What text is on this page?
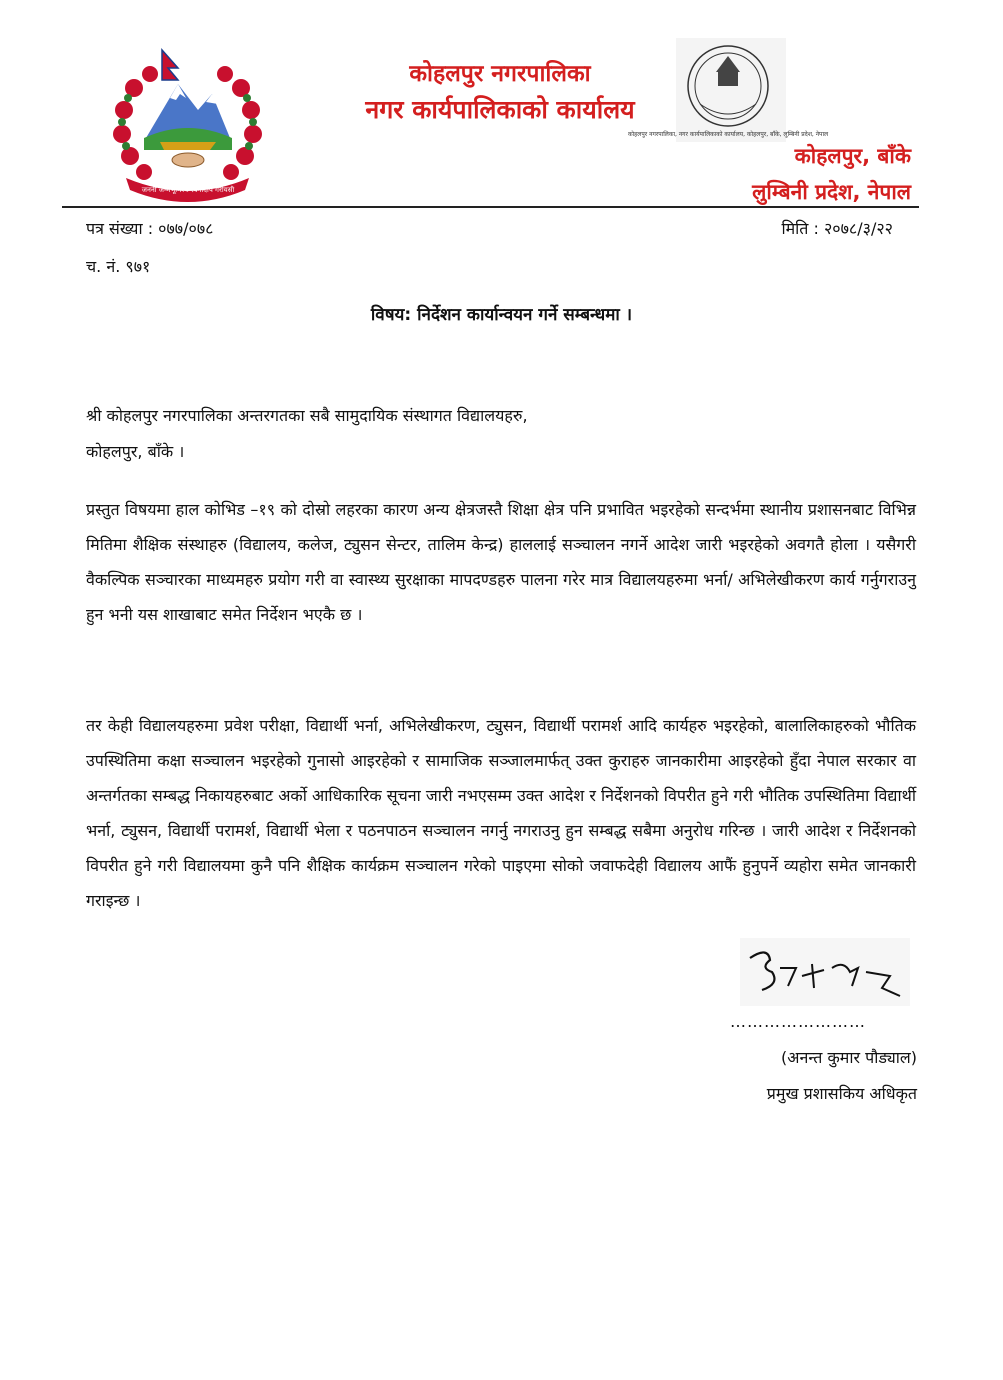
जननी जन्मभूमिश्च स्वर्गादपि गरीयसी
कोहलपुर नगरपालिका
नगर कार्यपालिकाको कार्यालय
कोहलपुर नगरपालिका, नगर कार्यपालिकाको कार्यालय, कोहलपुर, बाँके, लुम्बिनी प्रदेश, नेपाल
कोहलपुर, बाँके
लुम्बिनी प्रदेश, नेपाल
पत्र संख्या : ०७७/०७८
च. नं. ९७१
मिति : २०७८/३/२२
विषय: निर्देशन कार्यान्वयन गर्ने सम्बन्धमा ।
श्री कोहलपुर नगरपालिका अन्तरगतका सबै सामुदायिक संस्थागत विद्यालयहरु,
कोहलपुर, बाँके ।

प्रस्तुत विषयमा हाल कोभिड –१९ को दोस्रो लहरका कारण अन्य क्षेत्रजस्तै शिक्षा क्षेत्र पनि प्रभावित भइरहेको सन्दर्भमा स्थानीय प्रशासनबाट विभिन्न मितिमा शैक्षिक संस्थाहरु (विद्यालय, कलेज, ट्युसन सेन्टर, तालिम केन्द्र) हाललाई सञ्चालन नगर्ने आदेश जारी भइरहेको अवगतै होला । यसैगरी वैकल्पिक सञ्चारका माध्यमहरु प्रयोग गरी वा स्वास्थ्य सुरक्षाका मापदण्डहरु पालना गरेर मात्र विद्यालयहरुमा भर्ना/ अभिलेखीकरण कार्य गर्नुगराउनु हुन भनी यस शाखाबाट समेत निर्देशन भएकै छ ।

तर केही विद्यालयहरुमा प्रवेश परीक्षा, विद्यार्थी भर्ना, अभिलेखीकरण, ट्युसन, विद्यार्थी परामर्श आदि कार्यहरु भइरहेको, बालालिकाहरुको भौतिक उपस्थितिमा कक्षा सञ्चालन भइरहेको गुनासो आइरहेको र सामाजिक सञ्जालमार्फत् उक्त कुराहरु जानकारीमा आइरहेको हुँदा नेपाल सरकार वा अन्तर्गतका सम्बद्ध निकायहरुबाट अर्को आधिकारिक सूचना जारी नभएसम्म उक्त आदेश र निर्देशनको विपरीत हुने गरी भौतिक उपस्थितिमा विद्यार्थी भर्ना, ट्युसन, विद्यार्थी परामर्श, विद्यार्थी भेला र पठनपाठन सञ्चालन नगर्नु नगराउनु हुन सम्बद्ध सबैमा अनुरोध गरिन्छ । जारी आदेश र निर्देशनको विपरीत हुने गरी विद्यालयमा कुनै पनि शैक्षिक कार्यक्रम सञ्चालन गरेको पाइएमा सोको जवाफदेही विद्यालय आफैं हुनुपर्ने व्यहोरा समेत जानकारी गराइन्छ ।

……………………
(अनन्त कुमार पौड्याल)
प्रमुख प्रशासकिय अधिकृत
